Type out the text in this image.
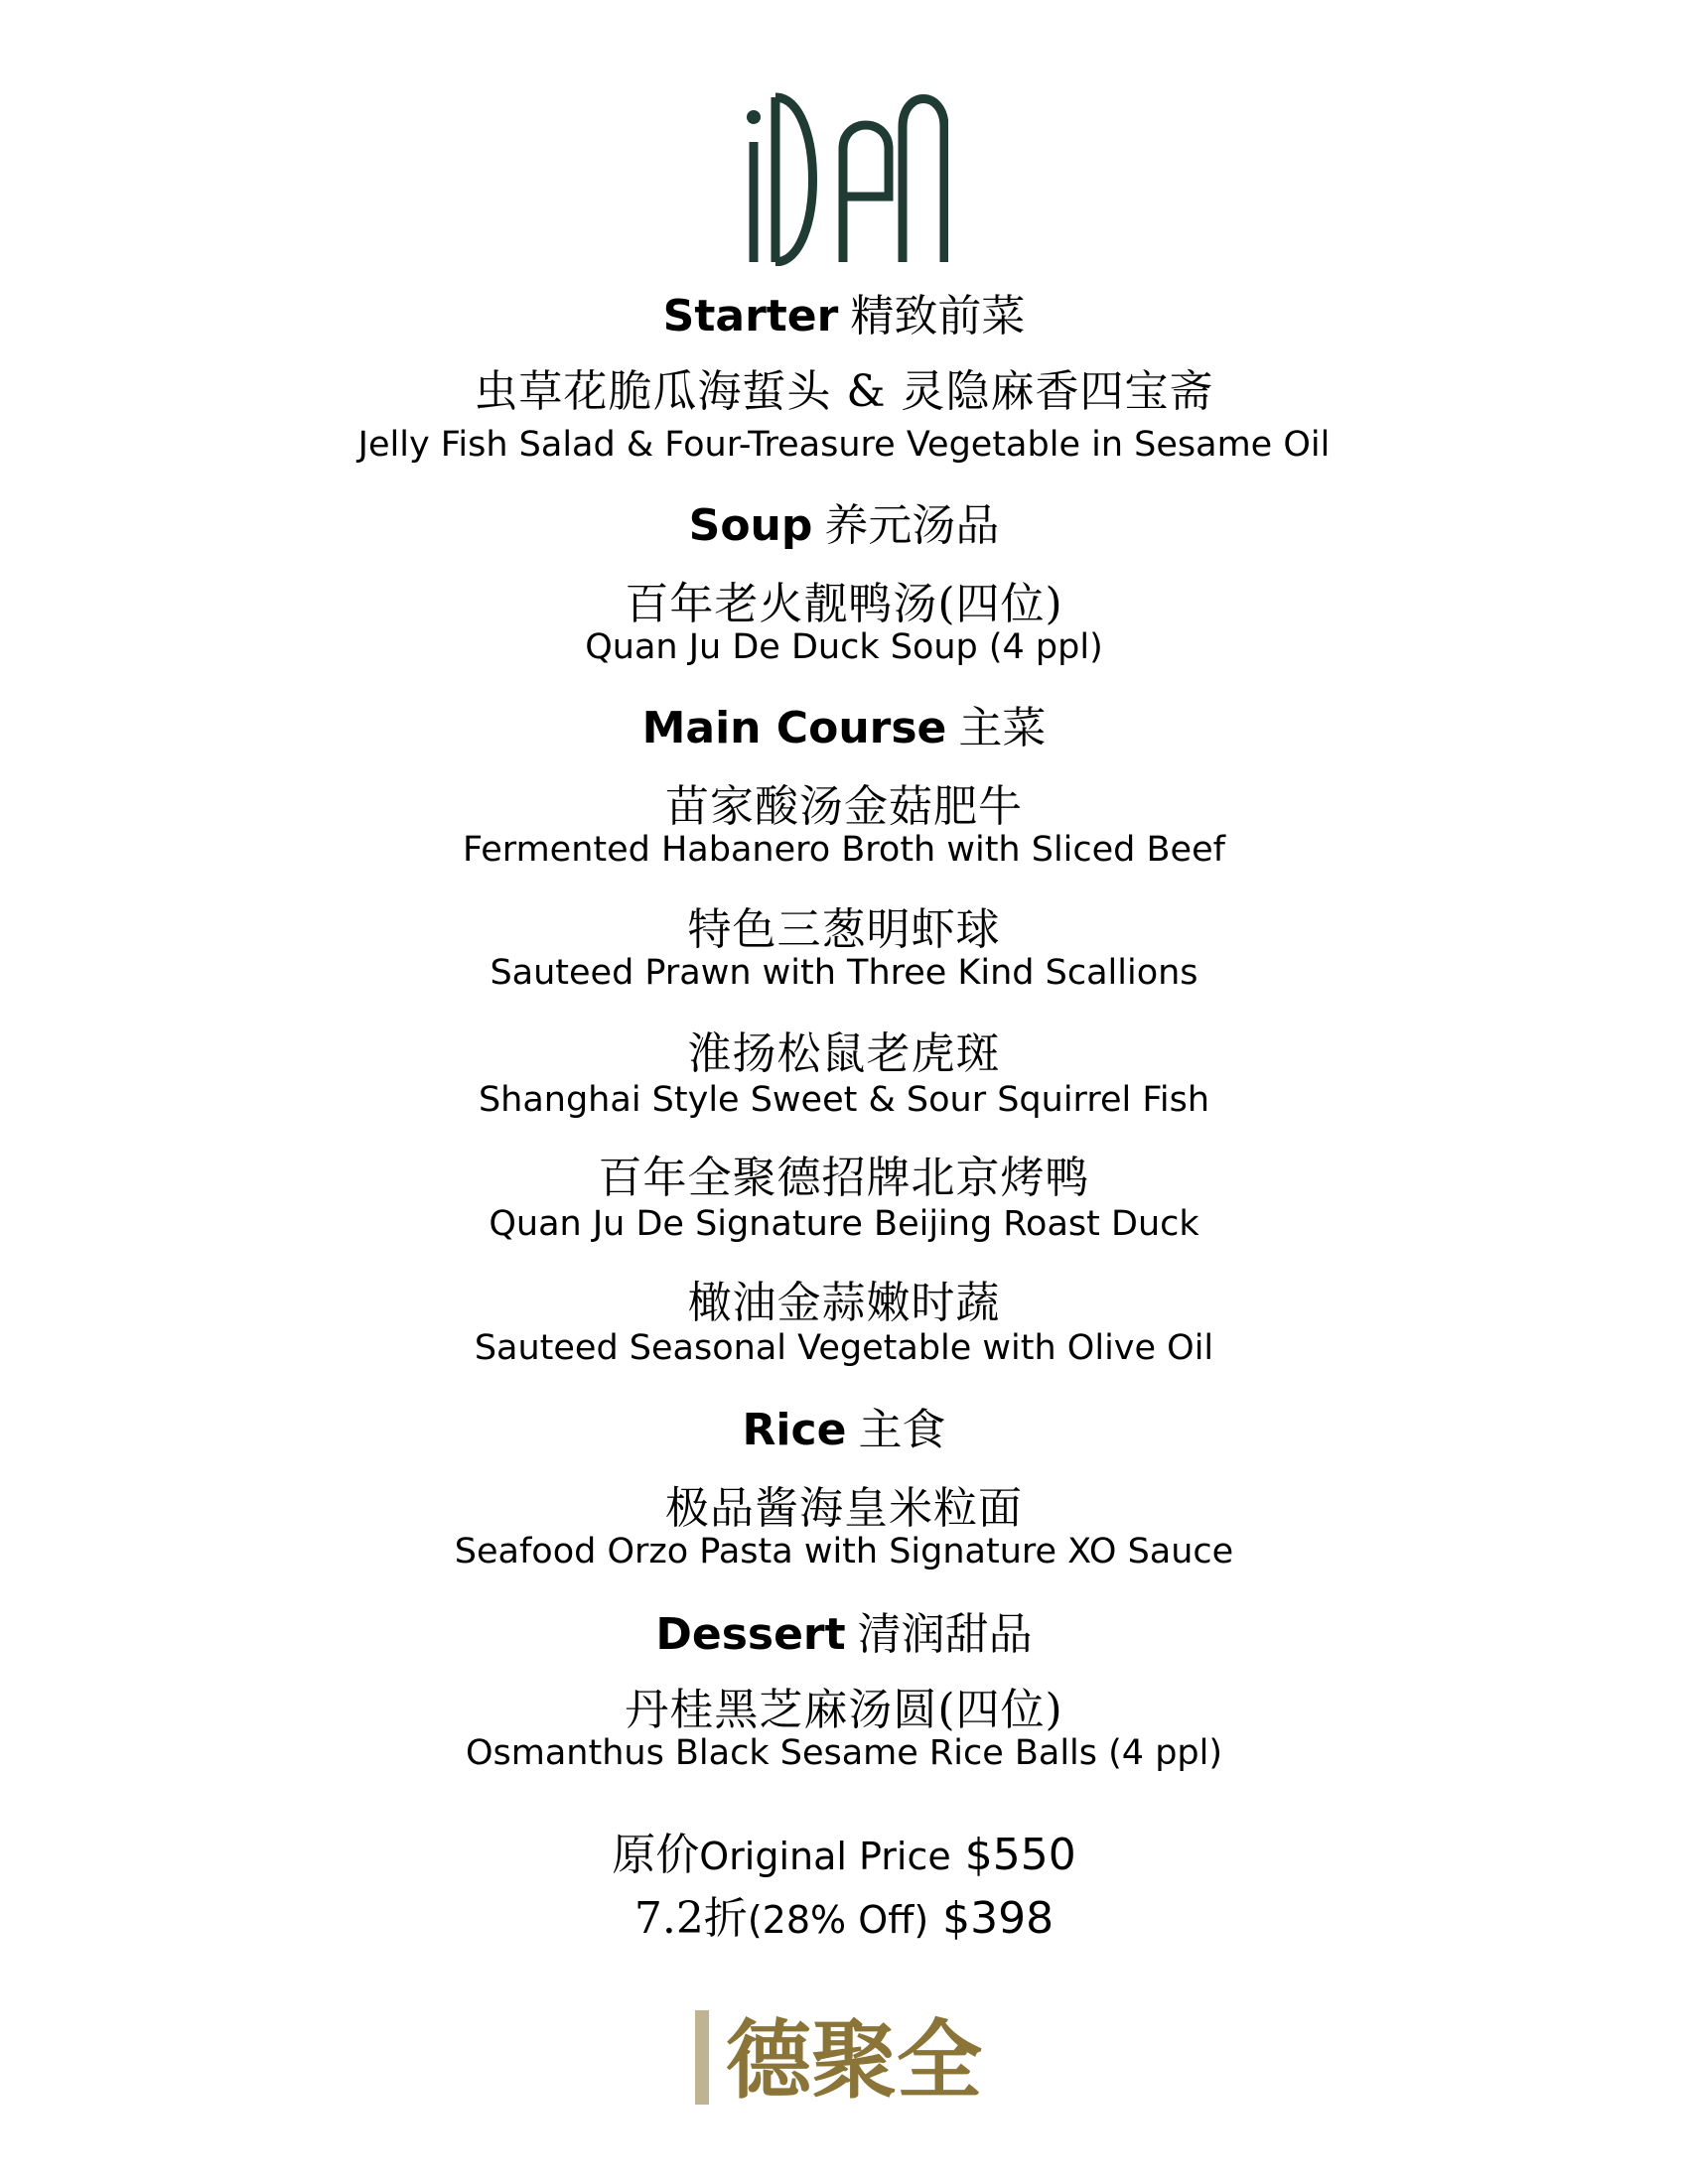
iDEN
Starter 精致前菜
虫草花脆瓜海蜇头 & 灵隐麻香四宝斋
Jelly Fish Salad & Four-Treasure Vegetable in Sesame Oil
Soup 养元汤品
百年老火靓鸭汤(四位)
Quan Ju De Duck Soup (4 ppl)
Main Course 主菜
苗家酸汤金菇肥牛
Fermented Habanero Broth with Sliced Beef
特色三葱明虾球
Sauteed Prawn with Three Kind Scallions
淮扬松鼠老虎斑
Shanghai Style Sweet & Sour Squirrel Fish
百年全聚德招牌北京烤鸭
Quan Ju De Signature Beijing Roast Duck
橄油金蒜嫩时蔬
Sauteed Seasonal Vegetable with Olive Oil
Rice 主食
极品酱海皇米粒面
Seafood Orzo Pasta with Signature XO Sauce
Dessert 清润甜品
丹桂黑芝麻汤圆(四位)
Osmanthus Black Sesame Rice Balls (4 ppl)
原价Original Price $550
7.2折(28% Off) $398
德聚全
